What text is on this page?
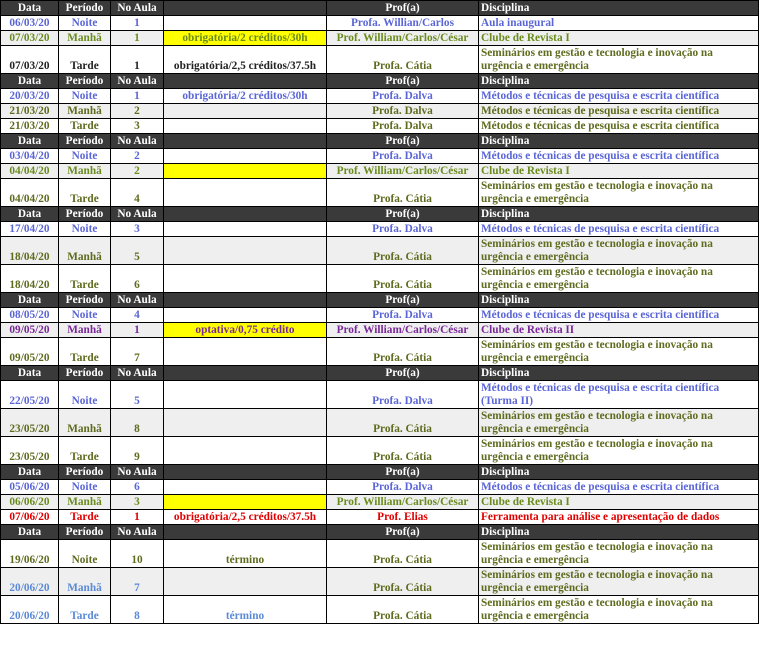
Data	Período	No Aula		Prof(a)	Disciplina
06/03/20	Noite	1		Profa. Willian/Carlos	Aula inaugural
07/03/20	Manhã	1	obrigatória/2 créditos/30h	Prof. William/Carlos/César	Clube de Revista I
07/03/20	Tarde	1	obrigatória/2,5 créditos/37.5h	Profa. Cátia	Seminários em gestão e tecnologia e inovação na urgência e emergência
Data	Período	No Aula		Prof(a)	Disciplina
20/03/20	Noite	1	obrigatória/2 créditos/30h	Profa. Dalva	Métodos e técnicas de pesquisa e escrita científica
21/03/20	Manhã	2		Profa. Dalva	Métodos e técnicas de pesquisa e escrita científica
21/03/20	Tarde	3		Profa. Dalva	Métodos e técnicas de pesquisa e escrita científica
Data	Período	No Aula		Prof(a)	Disciplina
03/04/20	Noite	2		Profa. Dalva	Métodos e técnicas de pesquisa e escrita científica
04/04/20	Manhã	2		Prof. William/Carlos/César	Clube de Revista I
04/04/20	Tarde	4		Profa. Cátia	Seminários em gestão e tecnologia e inovação na urgência e emergência
Data	Período	No Aula		Prof(a)	Disciplina
17/04/20	Noite	3		Profa. Dalva	Métodos e técnicas de pesquisa e escrita científica
18/04/20	Manhã	5		Profa. Cátia	Seminários em gestão e tecnologia e inovação na urgência e emergência
18/04/20	Tarde	6		Profa. Cátia	Seminários em gestão e tecnologia e inovação na urgência e emergência
Data	Período	No Aula		Prof(a)	Disciplina
08/05/20	Noite	4		Profa. Dalva	Métodos e técnicas de pesquisa e escrita científica
09/05/20	Manhã	1	optativa/0,75 crédito	Prof. William/Carlos/César	Clube de Revista II
09/05/20	Tarde	7		Profa. Cátia	Seminários em gestão e tecnologia e inovação na urgência e emergência
Data	Período	No Aula		Prof(a)	Disciplina
22/05/20	Noite	5		Profa. Dalva	Métodos e técnicas de pesquisa e escrita científica (Turma II)
23/05/20	Manhã	8		Profa. Cátia	Seminários em gestão e tecnologia e inovação na urgência e emergência
23/05/20	Tarde	9		Profa. Cátia	Seminários em gestão e tecnologia e inovação na urgência e emergência
Data	Período	No Aula		Prof(a)	Disciplina
05/06/20	Noite	6		Profa. Dalva	Métodos e técnicas de pesquisa e escrita científica
06/06/20	Manhã	3		Prof. William/Carlos/César	Clube de Revista I
07/06/20	Tarde	1	obrigatória/2,5 créditos/37.5h	Prof. Elias	Ferramenta para análise e apresentação de dados
Data	Período	No Aula		Prof(a)	Disciplina
19/06/20	Noite	10	término	Profa. Cátia	Seminários em gestão e tecnologia e inovação na urgência e emergência
20/06/20	Manhã	7		Profa. Cátia	Seminários em gestão e tecnologia e inovação na urgência e emergência
20/06/20	Tarde	8	término	Profa. Cátia	Seminários em gestão e tecnologia e inovação na urgência e emergência
